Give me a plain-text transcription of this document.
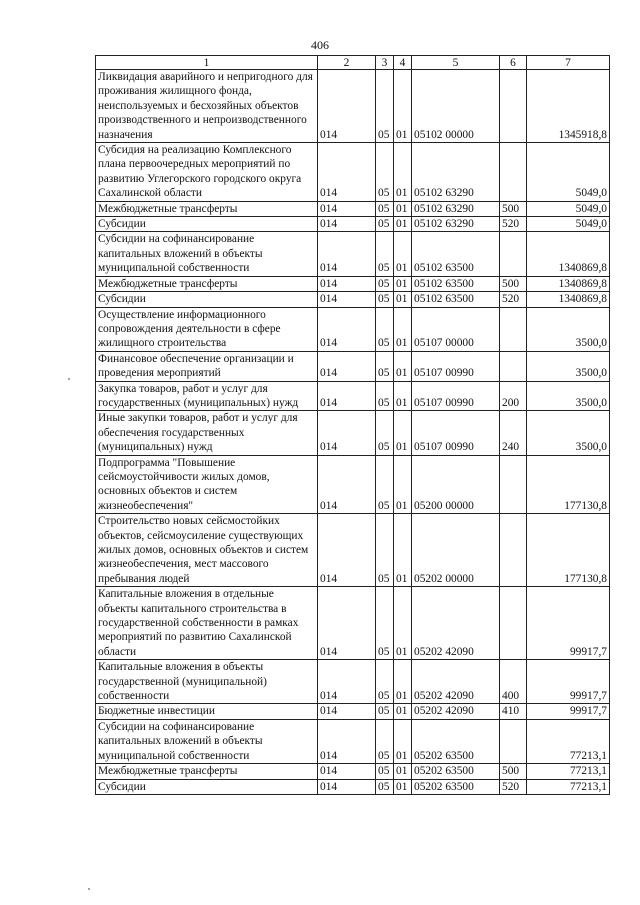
406
1	2	3	4	5	6	7
Ликвидация аварийного и непригодного для проживания жилищного фонда, неиспользуемых и бесхозяйных объектов производственного и непроизводственного назначения	014	05	01	05102 00000		1345918,8
Субсидия на реализацию Комплексного плана первоочередных мероприятий по развитию Углегорского городского округа Сахалинской области	014	05	01	05102 63290		5049,0
Межбюджетные трансферты	014	05	01	05102 63290	500	5049,0
Субсидии	014	05	01	05102 63290	520	5049,0
Субсидии на софинансирование капитальных вложений в объекты муниципальной собственности	014	05	01	05102 63500		1340869,8
Межбюджетные трансферты	014	05	01	05102 63500	500	1340869,8
Субсидии	014	05	01	05102 63500	520	1340869,8
Осуществление информационного сопровождения деятельности в сфере жилищного строительства	014	05	01	05107 00000		3500,0
Финансовое обеспечение организации и проведения мероприятий	014	05	01	05107 00990		3500,0
Закупка товаров, работ и услуг для государственных (муниципальных) нужд	014	05	01	05107 00990	200	3500,0
Иные закупки товаров, работ и услуг для обеспечения государственных (муниципальных) нужд	014	05	01	05107 00990	240	3500,0
Подпрограмма "Повышение сейсмоустойчивости жилых домов, основных объектов и систем жизнеобеспечения"	014	05	01	05200 00000		177130,8
Строительство новых сейсмостойких объектов, сейсмоусиление существующих жилых домов, основных объектов и систем жизнеобеспечения, мест массового пребывания людей	014	05	01	05202 00000		177130,8
Капитальные вложения в отдельные объекты капитального строительства в государственной собственности в рамках мероприятий по развитию Сахалинской области	014	05	01	05202 42090		99917,7
Капитальные вложения в объекты государственной (муниципальной) собственности	014	05	01	05202 42090	400	99917,7
Бюджетные инвестиции	014	05	01	05202 42090	410	99917,7
Субсидии на софинансирование капитальных вложений в объекты муниципальной собственности	014	05	01	05202 63500		77213,1
Межбюджетные трансферты	014	05	01	05202 63500	500	77213,1
Субсидии	014	05	01	05202 63500	520	77213,1
